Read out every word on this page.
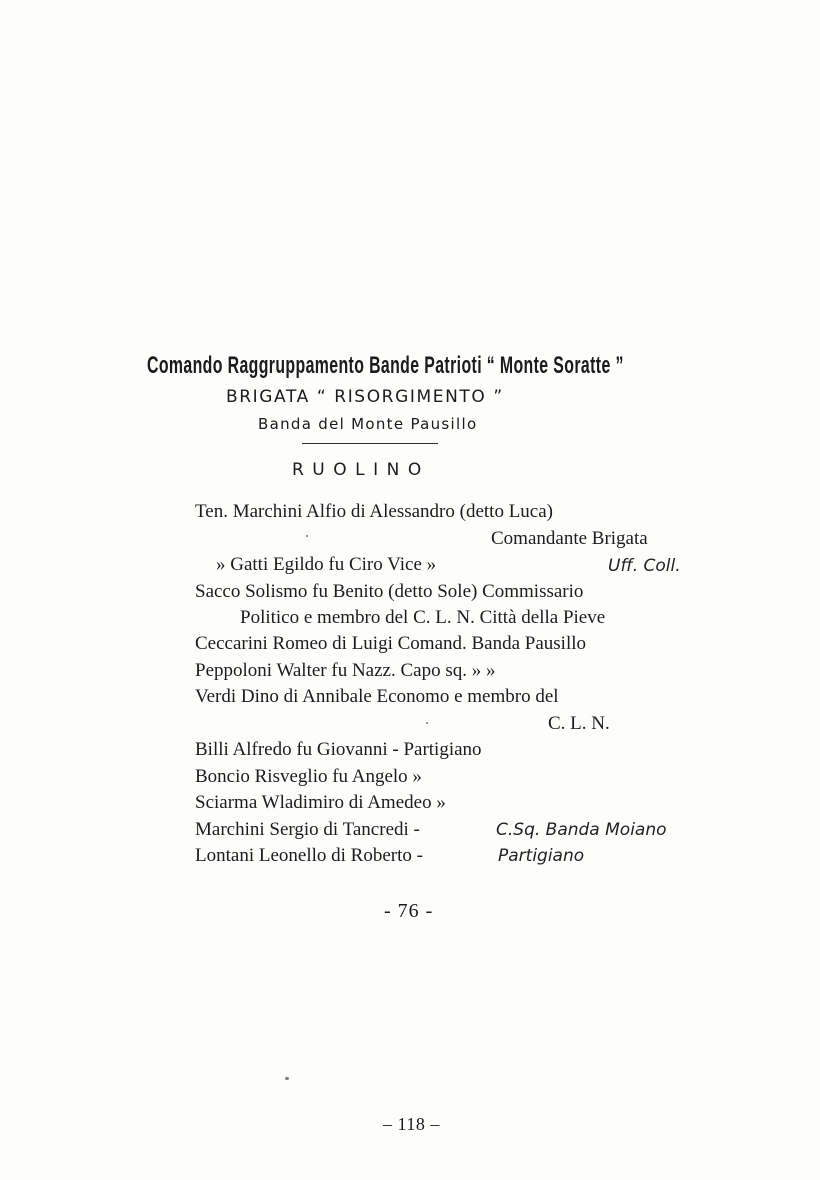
Comando Raggruppamento Bande Patrioti “ Monte Soratte ”
BRIGATA “ RISORGIMENTO ”
Banda del Monte Pausillo
RUOLINO
Ten. Marchini Alfio di Alessandro (detto Luca)
Comandante Brigata
» Gatti Egildo fu Ciro Vice »
Sacco Solismo fu Benito (detto Sole) Commissario
Politico e membro del C. L. N. Città della Pieve
Ceccarini Romeo di Luigi Comand. Banda Pausillo
Peppoloni Walter fu Nazz. Capo sq. » »
Verdi Dino di Annibale Economo e membro del
C. L. N.
Billi Alfredo fu Giovanni - Partigiano
Boncio Risveglio fu Angelo »
Sciarma Wladimiro di Amedeo »
Marchini Sergio di Tancredi -
Lontani Leonello di Roberto -
Uff. Coll.
C.Sq. Banda Moiano
Partigiano
- 76 -
– 118 –
